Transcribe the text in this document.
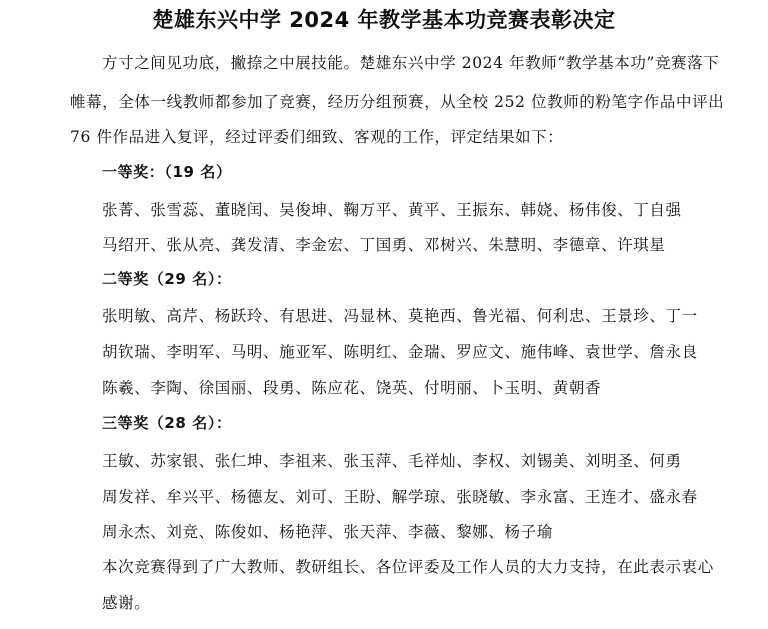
楚雄东兴中学 2024 年教学基本功竞赛表彰决定
方寸之间见功底，撇捺之中展技能。楚雄东兴中学 2024 年教师“教学基本功”竞赛落下
帷幕，全体一线教师都参加了竞赛，经历分组预赛，从全校 252 位教师的粉笔字作品中评出
76 件作品进入复评，经过评委们细致、客观的工作，评定结果如下：
一等奖：（19 名）
张菁、张雪蕊、董晓闰、吴俊坤、鞠万平、黄平、王振东、韩娆、杨伟俊、丁自强
马绍开、张从亮、龚发清、李金宏、丁国勇、邓树兴、朱慧明、李德章、许琪星
二等奖（29 名）：
张明敏、高芹、杨跃玲、有思进、冯显林、莫艳西、鲁光福、何利忠、王景珍、丁一
胡钦瑞、李明军、马明、施亚军、陈明红、金瑞、罗应文、施伟峰、袁世学、詹永良
陈羲、李陶、徐国丽、段勇、陈应花、饶英、付明丽、卜玉明、黄朝香
三等奖（28 名）：
王敏、苏家银、张仁坤、李祖来、张玉萍、毛祥灿、李权、刘锡美、刘明圣、何勇
周发祥、牟兴平、杨德友、刘可、王盼、解学琼、张晓敏、李永富、王连才、盛永春
周永杰、刘竞、陈俊如、杨艳萍、张天萍、李薇、黎娜、杨子瑜
本次竞赛得到了广大教师、教研组长、各位评委及工作人员的大力支持，在此表示衷心
感谢。
